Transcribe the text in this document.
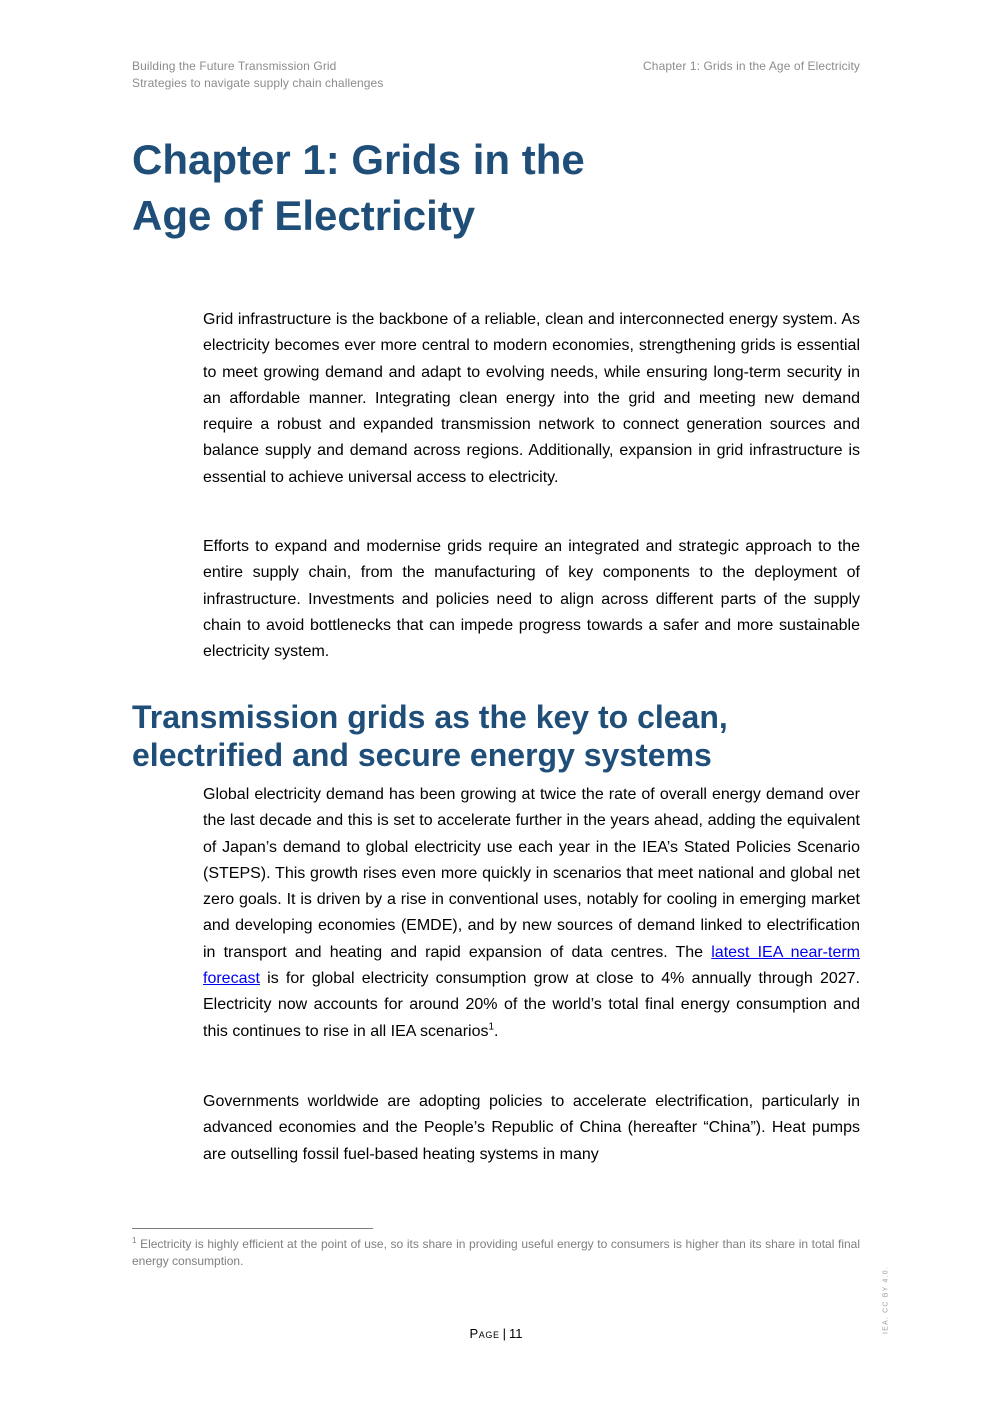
Building the Future Transmission Grid
Strategies to navigate supply chain challenges
Chapter 1: Grids in the Age of Electricity
Chapter 1: Grids in the
Age of Electricity

Grid infrastructure is the backbone of a reliable, clean and interconnected energy system. As electricity becomes ever more central to modern economies, strengthening grids is essential to meet growing demand and adapt to evolving needs, while ensuring long-term security in an affordable manner. Integrating clean energy into the grid and meeting new demand require a robust and expanded transmission network to connect generation sources and balance supply and demand across regions. Additionally, expansion in grid infrastructure is essential to achieve universal access to electricity.

Efforts to expand and modernise grids require an integrated and strategic approach to the entire supply chain, from the manufacturing of key components to the deployment of infrastructure. Investments and policies need to align across different parts of the supply chain to avoid bottlenecks that can impede progress towards a safer and more sustainable electricity system.

Transmission grids as the key to clean, electrified and secure energy systems

Global electricity demand has been growing at twice the rate of overall energy demand over the last decade and this is set to accelerate further in the years ahead, adding the equivalent of Japan’s demand to global electricity use each year in the IEA’s Stated Policies Scenario (STEPS). This growth rises even more quickly in scenarios that meet national and global net zero goals. It is driven by a rise in conventional uses, notably for cooling in emerging market and developing economies (EMDE), and by new sources of demand linked to electrification in transport and heating and rapid expansion of data centres. The latest IEA near-term forecast is for global electricity consumption grow at close to 4% annually through 2027. Electricity now accounts for around 20% of the world’s total final energy consumption and this continues to rise in all IEA scenarios$^1$.

Governments worldwide are adopting policies to accelerate electrification, particularly in advanced economies and the People’s Republic of China (hereafter “China”). Heat pumps are outselling fossil fuel-based heating systems in many

$^1$ Electricity is highly efficient at the point of use, so its share in providing useful energy to consumers is higher than its share in total final energy consumption.

IEA. CC BY 4.0.
Page | 11
